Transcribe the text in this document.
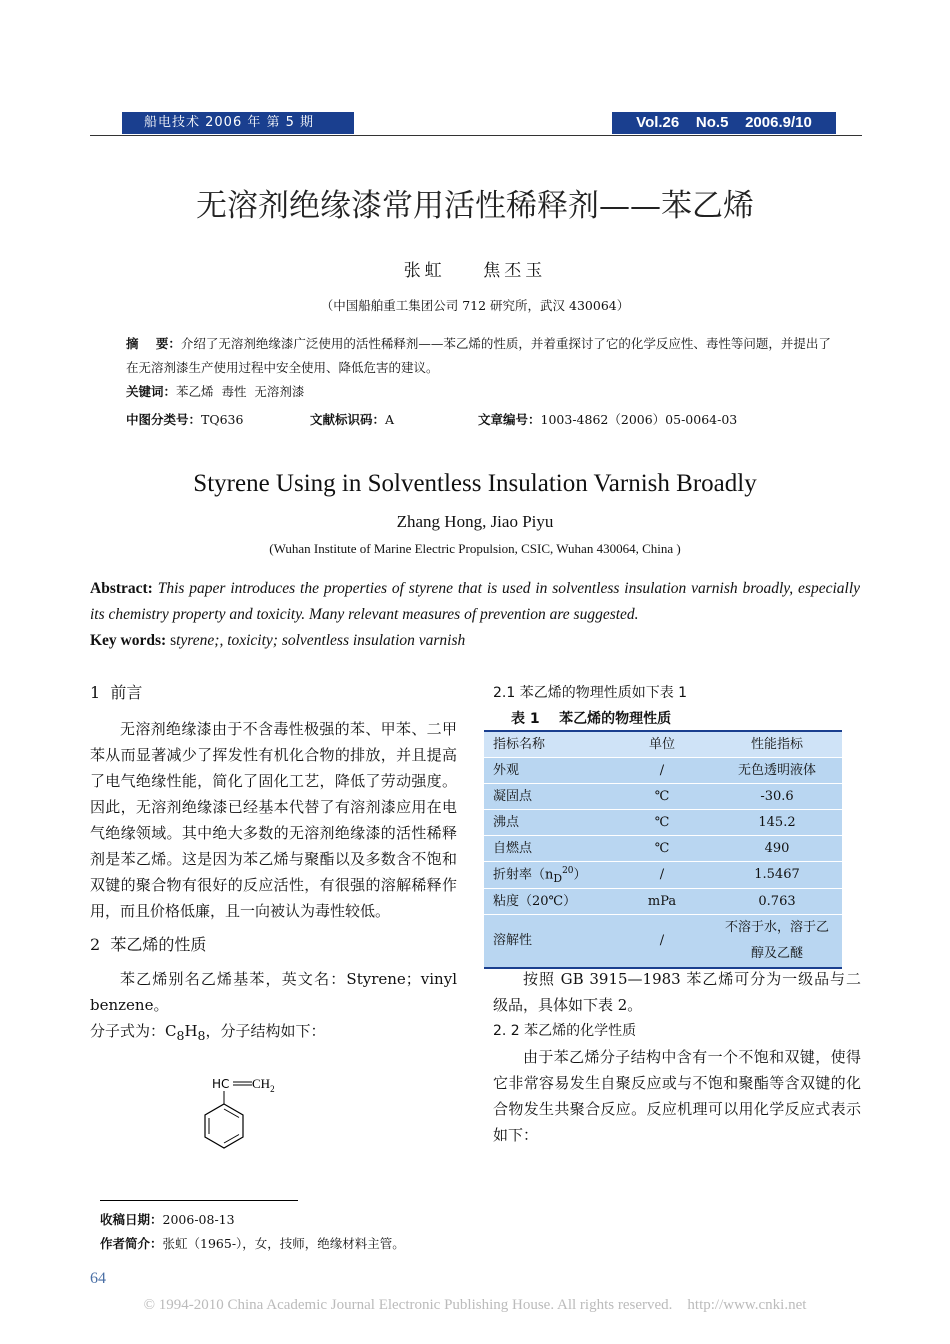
船电技术 2006 年 第 5 期	Vol.26    No.5    2006.9/10
无溶剂绝缘漆常用活性稀释剂——苯乙烯
张虹    焦丕玉
（中国船舶重工集团公司 712 研究所，武汉 430064）
摘    要：介绍了无溶剂绝缘漆广泛使用的活性稀释剂——苯乙烯的性质，并着重探讨了它的化学反应性、毒性等问题，并提出了在无溶剂漆生产使用过程中安全使用、降低危害的建议。
关键词：苯乙烯  毒性  无溶剂漆
中图分类号：TQ636	文献标识码：A	文章编号：1003-4862（2006）05-0064-03
Styrene Using in Solventless Insulation Varnish Broadly
Zhang Hong, Jiao Piyu
(Wuhan Institute of Marine Electric Propulsion, CSIC, Wuhan 430064, China )
Abstract: This paper introduces the properties of styrene that is used in solventless insulation varnish broadly, especially its chemistry property and toxicity. Many relevant measures of prevention are suggested.
Key words: styrene;, toxicity; solventless insulation varnish

1  前言

无溶剂绝缘漆由于不含毒性极强的苯、甲苯、二甲苯从而显著减少了挥发性有机化合物的排放，并且提高了电气绝缘性能，简化了固化工艺，降低了劳动强度。因此，无溶剂绝缘漆已经基本代替了有溶剂漆应用在电气绝缘领域。其中绝大多数的无溶剂绝缘漆的活性稀释剂是苯乙烯。这是因为苯乙烯与聚酯以及多数含不饱和双键的聚合物有很好的反应活性，有很强的溶解稀释作用，而且价格低廉，且一向被认为毒性较低。

2  苯乙烯的性质

苯乙烯别名乙烯基苯，英文名：Styrene；vinyl benzene。

分子式为：$C_8H_8$，分子结构如下：

HC $CH_2$

2.1 苯乙烯的物理性质如下表 1

表 1    苯乙烯的物理性质

指标名称	单位	性能指标
外观	/	无色透明液体
凝固点	℃	-30.6
沸点	℃	145.2
自燃点	℃	490
折射率$(n_D^{20})$	/	1.5467
粘度（20℃）	mPa	0.763
溶解性	/	不溶于水，溶于乙醇及乙醚

按照 GB 3915—1983 苯乙烯可分为一级品与二级品，具体如下表 2。

2. 2 苯乙烯的化学性质

由于苯乙烯分子结构中含有一个不饱和双键，使得它非常容易发生自聚反应或与不饱和聚酯等含双键的化合物发生共聚合反应。反应机理可以用化学反应式表示如下：

收稿日期：2006-08-13
作者简介：张虹（1965-），女，技师，绝缘材料主管。
64
© 1994-2010 China Academic Journal Electronic Publishing House. All rights reserved.    http://www.cnki.net
